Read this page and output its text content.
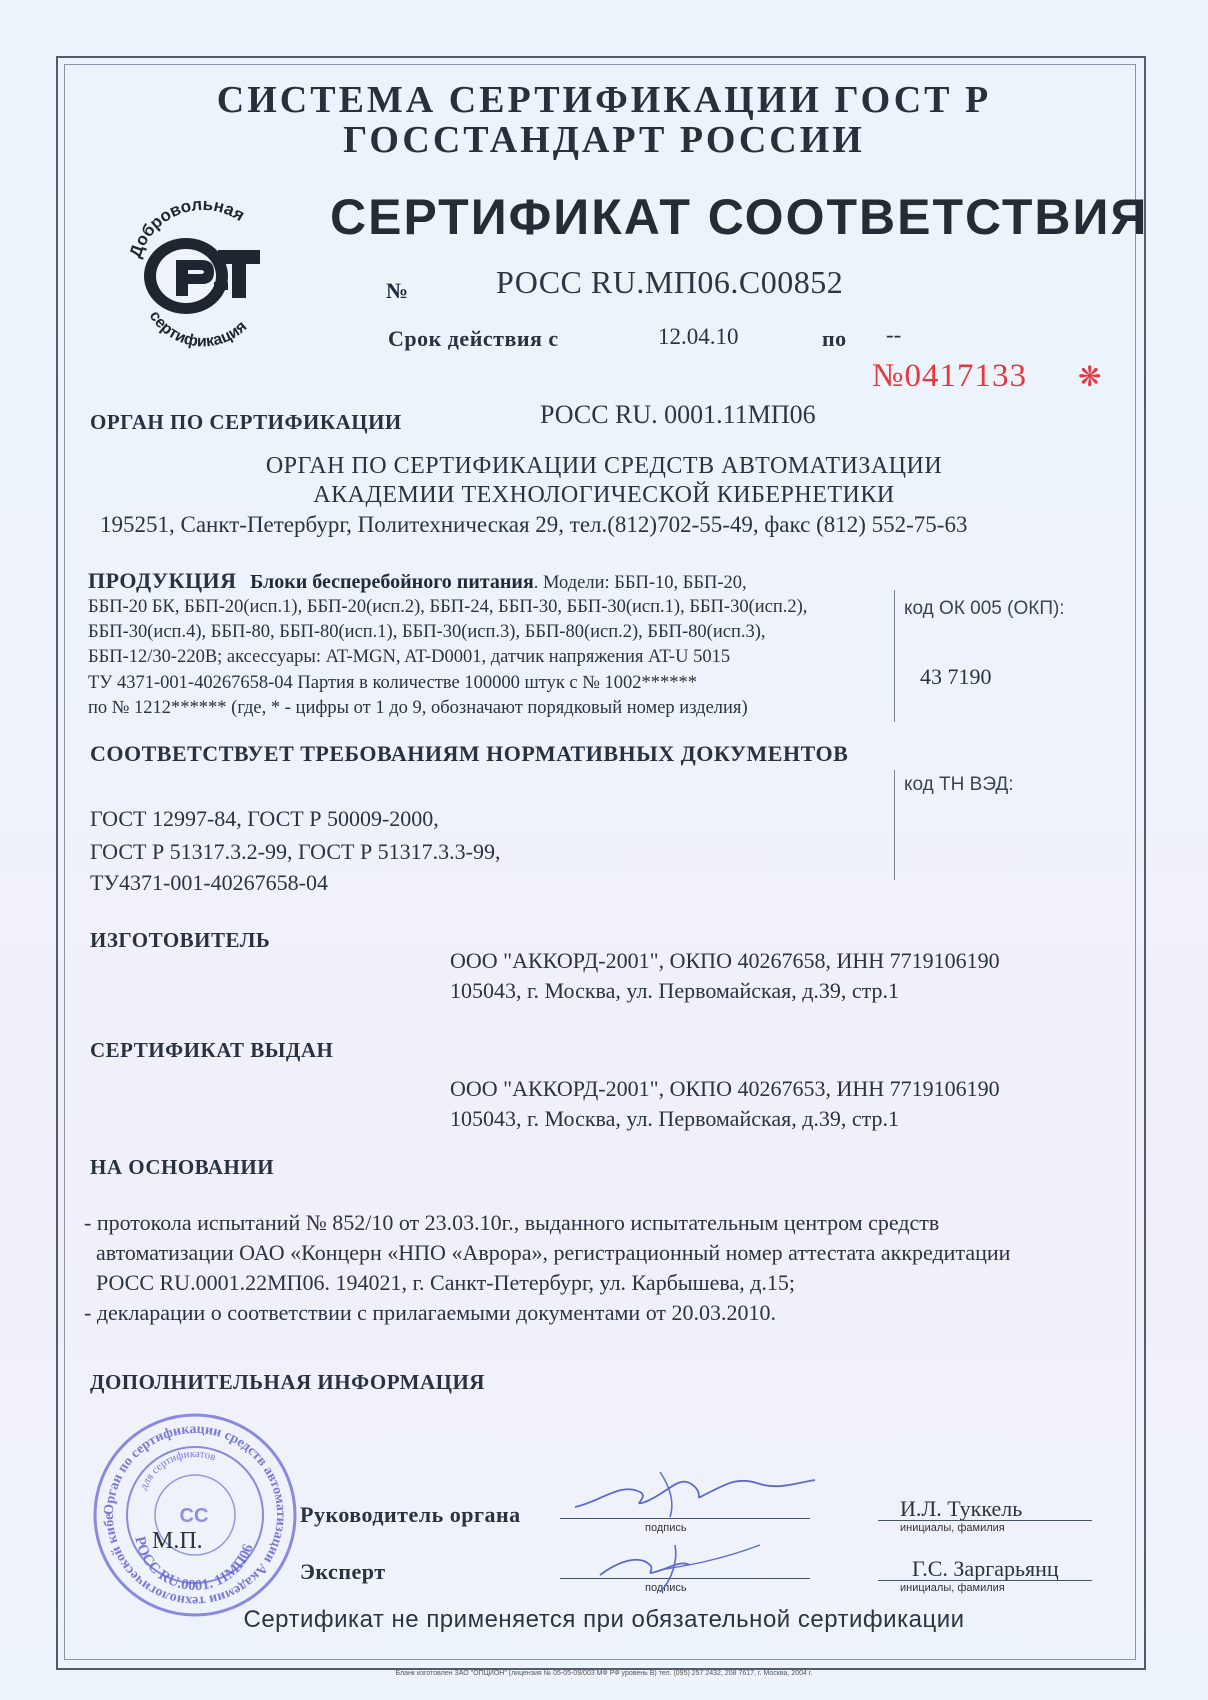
СИСТЕМА СЕРТИФИКАЦИИ ГОСТ Р
ГОССТАНДАРТ РОССИИ
Добровольная
сертификация
СЕРТИФИКАТ СООТВЕТСТВИЯ
№	РОСС RU.МП06.С00852
Срок действия с	12.04.10	по --
№0417133 ❋
ОРГАН ПО СЕРТИФИКАЦИИ	РОСС RU. 0001.11МП06
ОРГАН ПО СЕРТИФИКАЦИИ СРЕДСТВ АВТОМАТИЗАЦИИ
АКАДЕМИИ ТЕХНОЛОГИЧЕСКОЙ КИБЕРНЕТИКИ
195251, Санкт-Петербург, Политехническая 29, тел.(812)702-55-49, факс (812) 552-75-63
ПРОДУКЦИЯ Блоки бесперебойного питания. Модели: ББП-10, ББП-20,
ББП-20 БК, ББП-20(исп.1), ББП-20(исп.2), ББП-24, ББП-30, ББП-30(исп.1), ББП-30(исп.2),
ББП-30(исп.4), ББП-80, ББП-80(исп.1), ББП-30(исп.3), ББП-80(исп.2), ББП-80(исп.3),
ББП-12/30-220В; аксессуары: AT-MGN, AT-D0001, датчик напряжения AT-U 5015
ТУ 4371-001-40267658-04 Партия в количестве 100000 штук с № 1002******
по № 1212****** (где, * - цифры от 1 до 9, обозначают порядковый номер изделия)
код ОК 005 (ОКП):
43 7190
СООТВЕТСТВУЕТ ТРЕБОВАНИЯМ НОРМАТИВНЫХ ДОКУМЕНТОВ
код ТН ВЭД:
ГОСТ 12997-84, ГОСТ Р 50009-2000,
ГОСТ Р 51317.3.2-99, ГОСТ Р 51317.3.3-99,
ТУ4371-001-40267658-04
ИЗГОТОВИТЕЛЬ
ООО "АККОРД-2001", ОКПО 40267658, ИНН 7719106190
105043, г. Москва, ул. Первомайская, д.39, стр.1
СЕРТИФИКАТ ВЫДАН
ООО "АККОРД-2001", ОКПО 40267653, ИНН 7719106190
105043, г. Москва, ул. Первомайская, д.39, стр.1
НА ОСНОВАНИИ
- протокола испытаний № 852/10 от 23.03.10г., выданного испытательным центром средств
автоматизации ОАО «Концерн «НПО «Аврора», регистрационный номер аттестата аккредитации
РОСС RU.0001.22МП06. 194021, г. Санкт-Петербург, ул. Карбышева, д.15;
- декларации о соответствии с прилагаемыми документами от 20.03.2010.
ДОПОЛНИТЕЛЬНАЯ ИНФОРМАЦИЯ
Орган по сертификации средств автоматизации Академии технологической кибе
для сертификатов
РОСС RU.0001. 11МП06
CC
М.П.
Руководитель органа
подпись
И.Л. Туккель
инициалы, фамилия
Эксперт
подпись
Г.С. Заргарьянц
инициалы, фамилия
Сертификат не применяется при обязательной сертификации
Бланк изготовлен ЗАО "ОПЦИОН" (лицензия № 05-05-09/003 МФ РФ уровень В) тел. (095) 257 2432, 208 7617, г. Москва, 2004 г.
